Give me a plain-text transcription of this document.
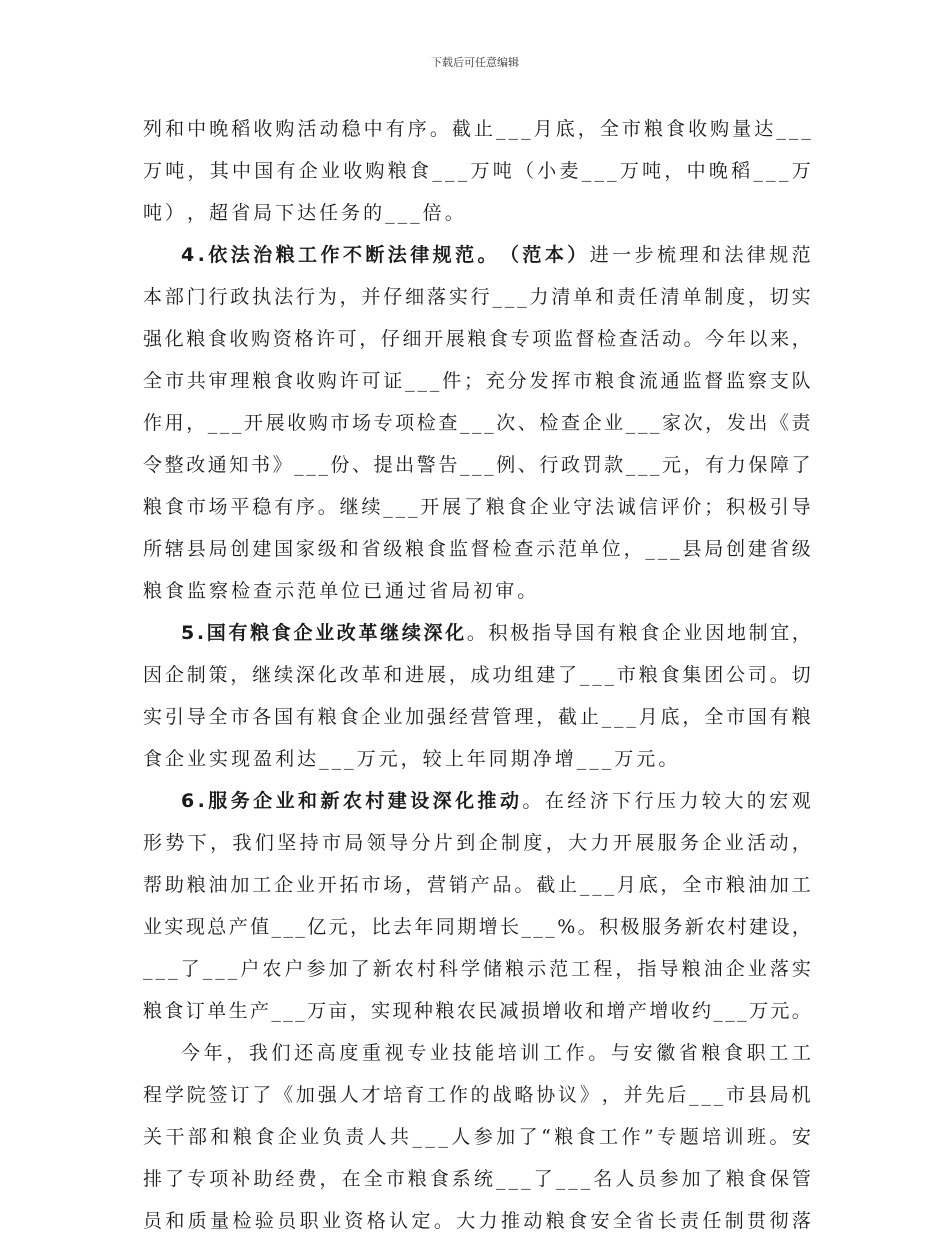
下载后可任意编辑
列 和 中 晚 稻 收 购 活 动 稳 中 有 序 。 截 止 _ _ _ 月 底 ， 全 市 粮 食 收 购 量 达 _ _ _
万 吨 ， 其 中 国 有 企 业 收 购 粮 食 _ _ _ 万 吨 （ 小 麦 _ _ _ 万 吨 ， 中 晚 稻 _ _ _ 万
吨 ） ， 超 省 局 下 达 任 务 的 _ _ _ 倍 。
4 . 依 法 治 粮 工 作 不 断 法 律 规 范 。 （ 范 本 ） 进 一 步 梳 理 和 法 律 规 范
本 部 门 行 政 执 法 行 为 ， 并 仔 细 落 实 行 _ _ _ 力 清 单 和 责 任 清 单 制 度 ， 切 实
强 化 粮 食 收 购 资 格 许 可 ， 仔 细 开 展 粮 食 专 项 监 督 检 查 活 动 。 今 年 以 来 ，
全 市 共 审 理 粮 食 收 购 许 可 证 _ _ _ 件 ； 充 分 发 挥 市 粮 食 流 通 监 督 监 察 支 队
作 用 ， _ _ _ 开 展 收 购 市 场 专 项 检 查 _ _ _ 次 、 检 查 企 业 _ _ _ 家 次 ， 发 出 《 责
令 整 改 通 知 书 》 _ _ _ 份 、 提 出 警 告 _ _ _ 例 、 行 政 罚 款 _ _ _ 元 ， 有 力 保 障 了
粮 食 市 场 平 稳 有 序 。 继 续 _ _ _ 开 展 了 粮 食 企 业 守 法 诚 信 评 价 ； 积 极 引 导
所 辖 县 局 创 建 国 家 级 和 省 级 粮 食 监 督 检 查 示 范 单 位 ， _ _ _ 县 局 创 建 省 级
粮 食 监 察 检 查 示 范 单 位 已 通 过 省 局 初 审 。
5 . 国 有 粮 食 企 业 改 革 继 续 深 化 。 积 极 指 导 国 有 粮 食 企 业 因 地 制 宜 ，
因 企 制 策 ， 继 续 深 化 改 革 和 进 展 ， 成 功 组 建 了 _ _ _ 市 粮 食 集 团 公 司 。 切
实 引 导 全 市 各 国 有 粮 食 企 业 加 强 经 营 管 理 ， 截 止 _ _ _ 月 底 ， 全 市 国 有 粮
食 企 业 实 现 盈 利 达 _ _ _ 万 元 ， 较 上 年 同 期 净 增 _ _ _ 万 元 。
6 . 服 务 企 业 和 新 农 村 建 设 深 化 推 动 。 在 经 济 下 行 压 力 较 大 的 宏 观
形 势 下 ， 我 们 坚 持 市 局 领 导 分 片 到 企 制 度 ， 大 力 开 展 服 务 企 业 活 动 ，
帮 助 粮 油 加 工 企 业 开 拓 市 场 ， 营 销 产 品 。 截 止 _ _ _ 月 底 ， 全 市 粮 油 加 工
业 实 现 总 产 值 _ _ _ 亿 元 ， 比 去 年 同 期 增 长 _ _ _ % 。 积 极 服 务 新 农 村 建 设 ，
_ _ _ 了 _ _ _ 户 农 户 参 加 了 新 农 村 科 学 储 粮 示 范 工 程 ， 指 导 粮 油 企 业 落 实
粮 食 订 单 生 产 _ _ _ 万 亩 ， 实 现 种 粮 农 民 减 损 增 收 和 增 产 增 收 约 _ _ _ 万 元 。
今 年 ， 我 们 还 高 度 重 视 专 业 技 能 培 训 工 作 。 与 安 徽 省 粮 食 职 工 工
程 学 院 签 订 了 《 加 强 人 才 培 育 工 作 的 战 略 协 议 》 ， 并 先 后 _ _ _ 市 县 局 机
关 干 部 和 粮 食 企 业 负 责 人 共 _ _ _ 人 参 加 了 “ 粮 食 工 作 ” 专 题 培 训 班 。 安
排 了 专 项 补 助 经 费 ， 在 全 市 粮 食 系 统 _ _ _ 了 _ _ _ 名 人 员 参 加 了 粮 食 保 管
员 和 质 量 检 验 员 职 业 资 格 认 定 。 大 力 推 动 粮 食 安 全 省 长 责 任 制 贯 彻 落
